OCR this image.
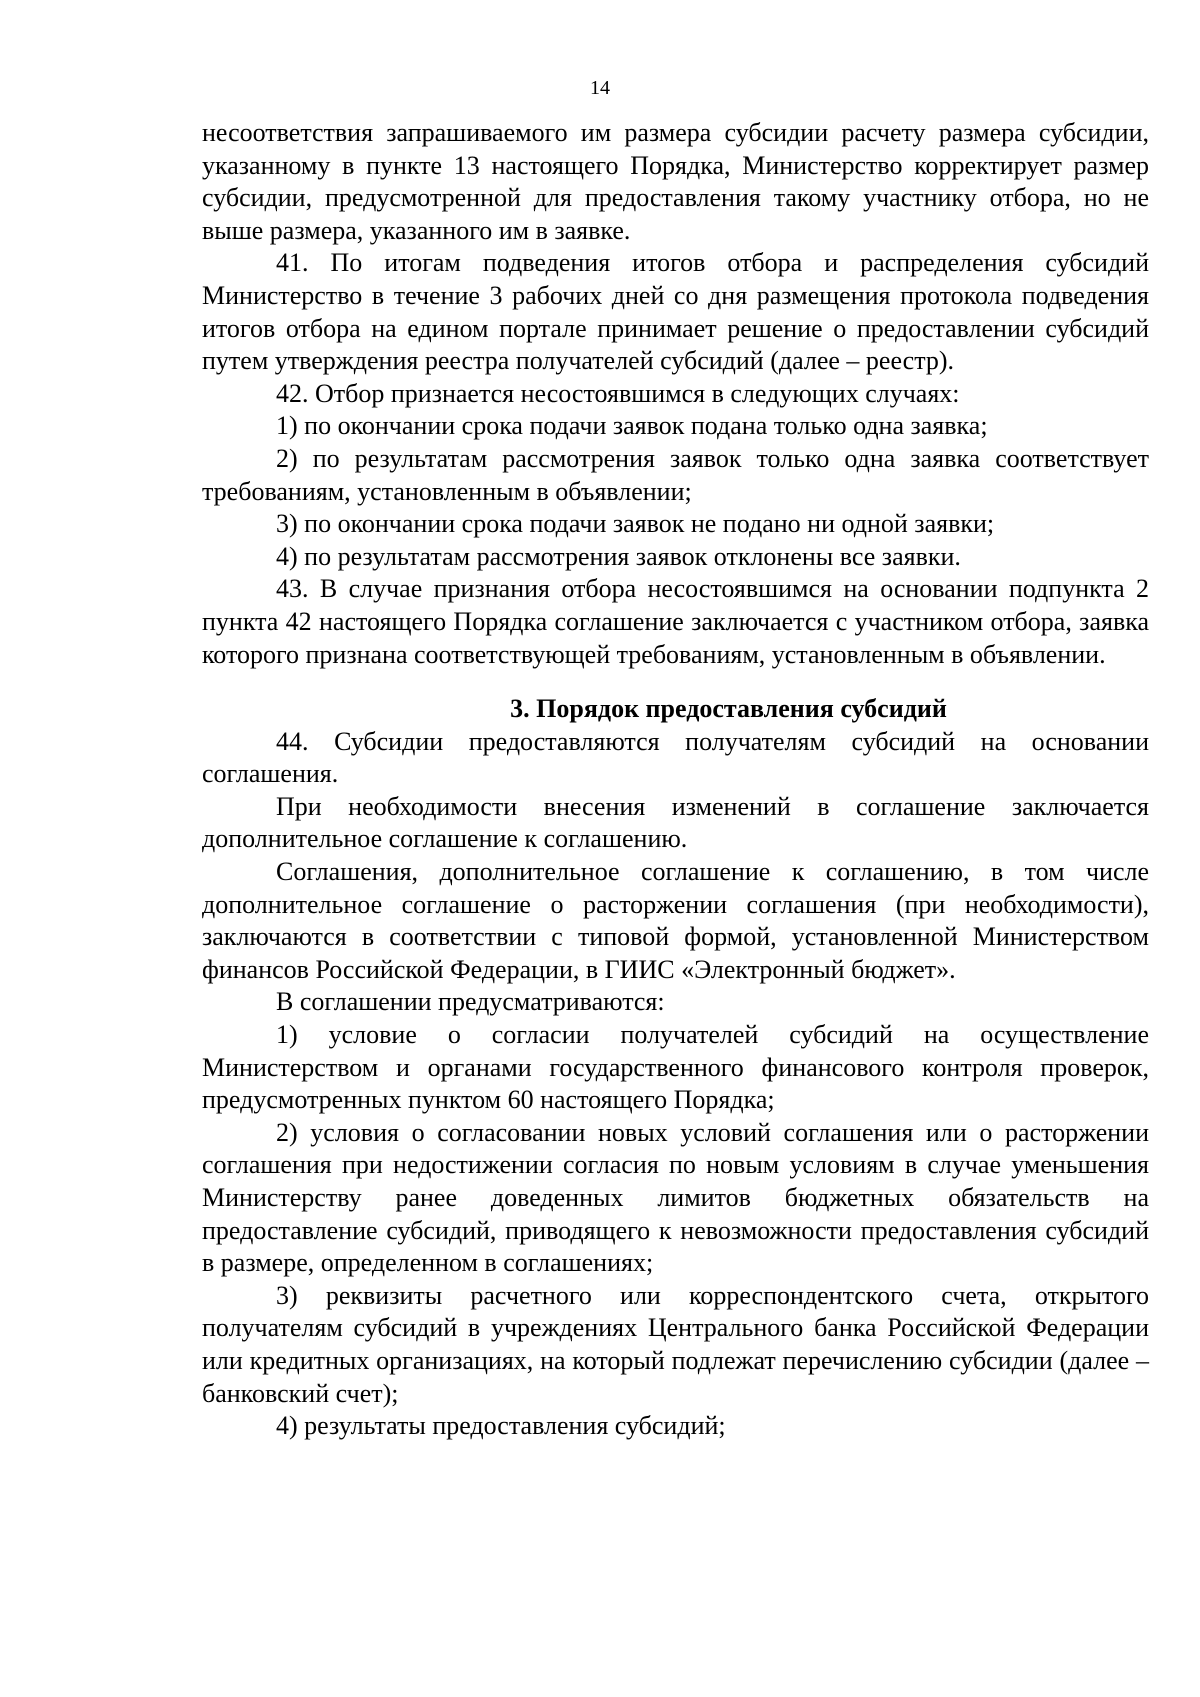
14

несоответствия запрашиваемого им размера субсидии расчету размера субсидии, указанному в пункте 13 настоящего Порядка, Министерство корректирует размер субсидии, предусмотренной для предоставления такому участнику отбора, но не выше размера, указанного им в заявке.

41. По итогам подведения итогов отбора и распределения субсидий Министерство в течение 3 рабочих дней со дня размещения протокола подведения итогов отбора на едином портале принимает решение о предоставлении субсидий путем утверждения реестра получателей субсидий (далее – реестр).

42. Отбор признается несостоявшимся в следующих случаях:

1) по окончании срока подачи заявок подана только одна заявка;

2) по результатам рассмотрения заявок только одна заявка соответствует требованиям, установленным в объявлении;

3) по окончании срока подачи заявок не подано ни одной заявки;

4) по результатам рассмотрения заявок отклонены все заявки.

43. В случае признания отбора несостоявшимся на основании подпункта 2 пункта 42 настоящего Порядка соглашение заключается с участником отбора, заявка которого признана соответствующей требованиям, установленным в объявлении.

3. Порядок предоставления субсидий

44. Субсидии предоставляются получателям субсидий на основании соглашения.

При необходимости внесения изменений в соглашение заключается дополнительное соглашение к соглашению.

Соглашения, дополнительное соглашение к соглашению, в том числе дополнительное соглашение о расторжении соглашения (при необходимости), заключаются в соответствии с типовой формой, установленной Министерством финансов Российской Федерации, в ГИИС «Электронный бюджет».

В соглашении предусматриваются:

1) условие о согласии получателей субсидий на осуществление Министерством и органами государственного финансового контроля проверок, предусмотренных пунктом 60 настоящего Порядка;

2) условия о согласовании новых условий соглашения или о расторжении соглашения при недостижении согласия по новым условиям в случае уменьшения Министерству ранее доведенных лимитов бюджетных обязательств на предоставление субсидий, приводящего к невозможности предоставления субсидий в размере, определенном в соглашениях;

3) реквизиты расчетного или корреспондентского счета, открытого получателям субсидий в учреждениях Центрального банка Российской Федерации или кредитных организациях, на который подлежат перечислению субсидии (далее – банковский счет);

4) результаты предоставления субсидий;
